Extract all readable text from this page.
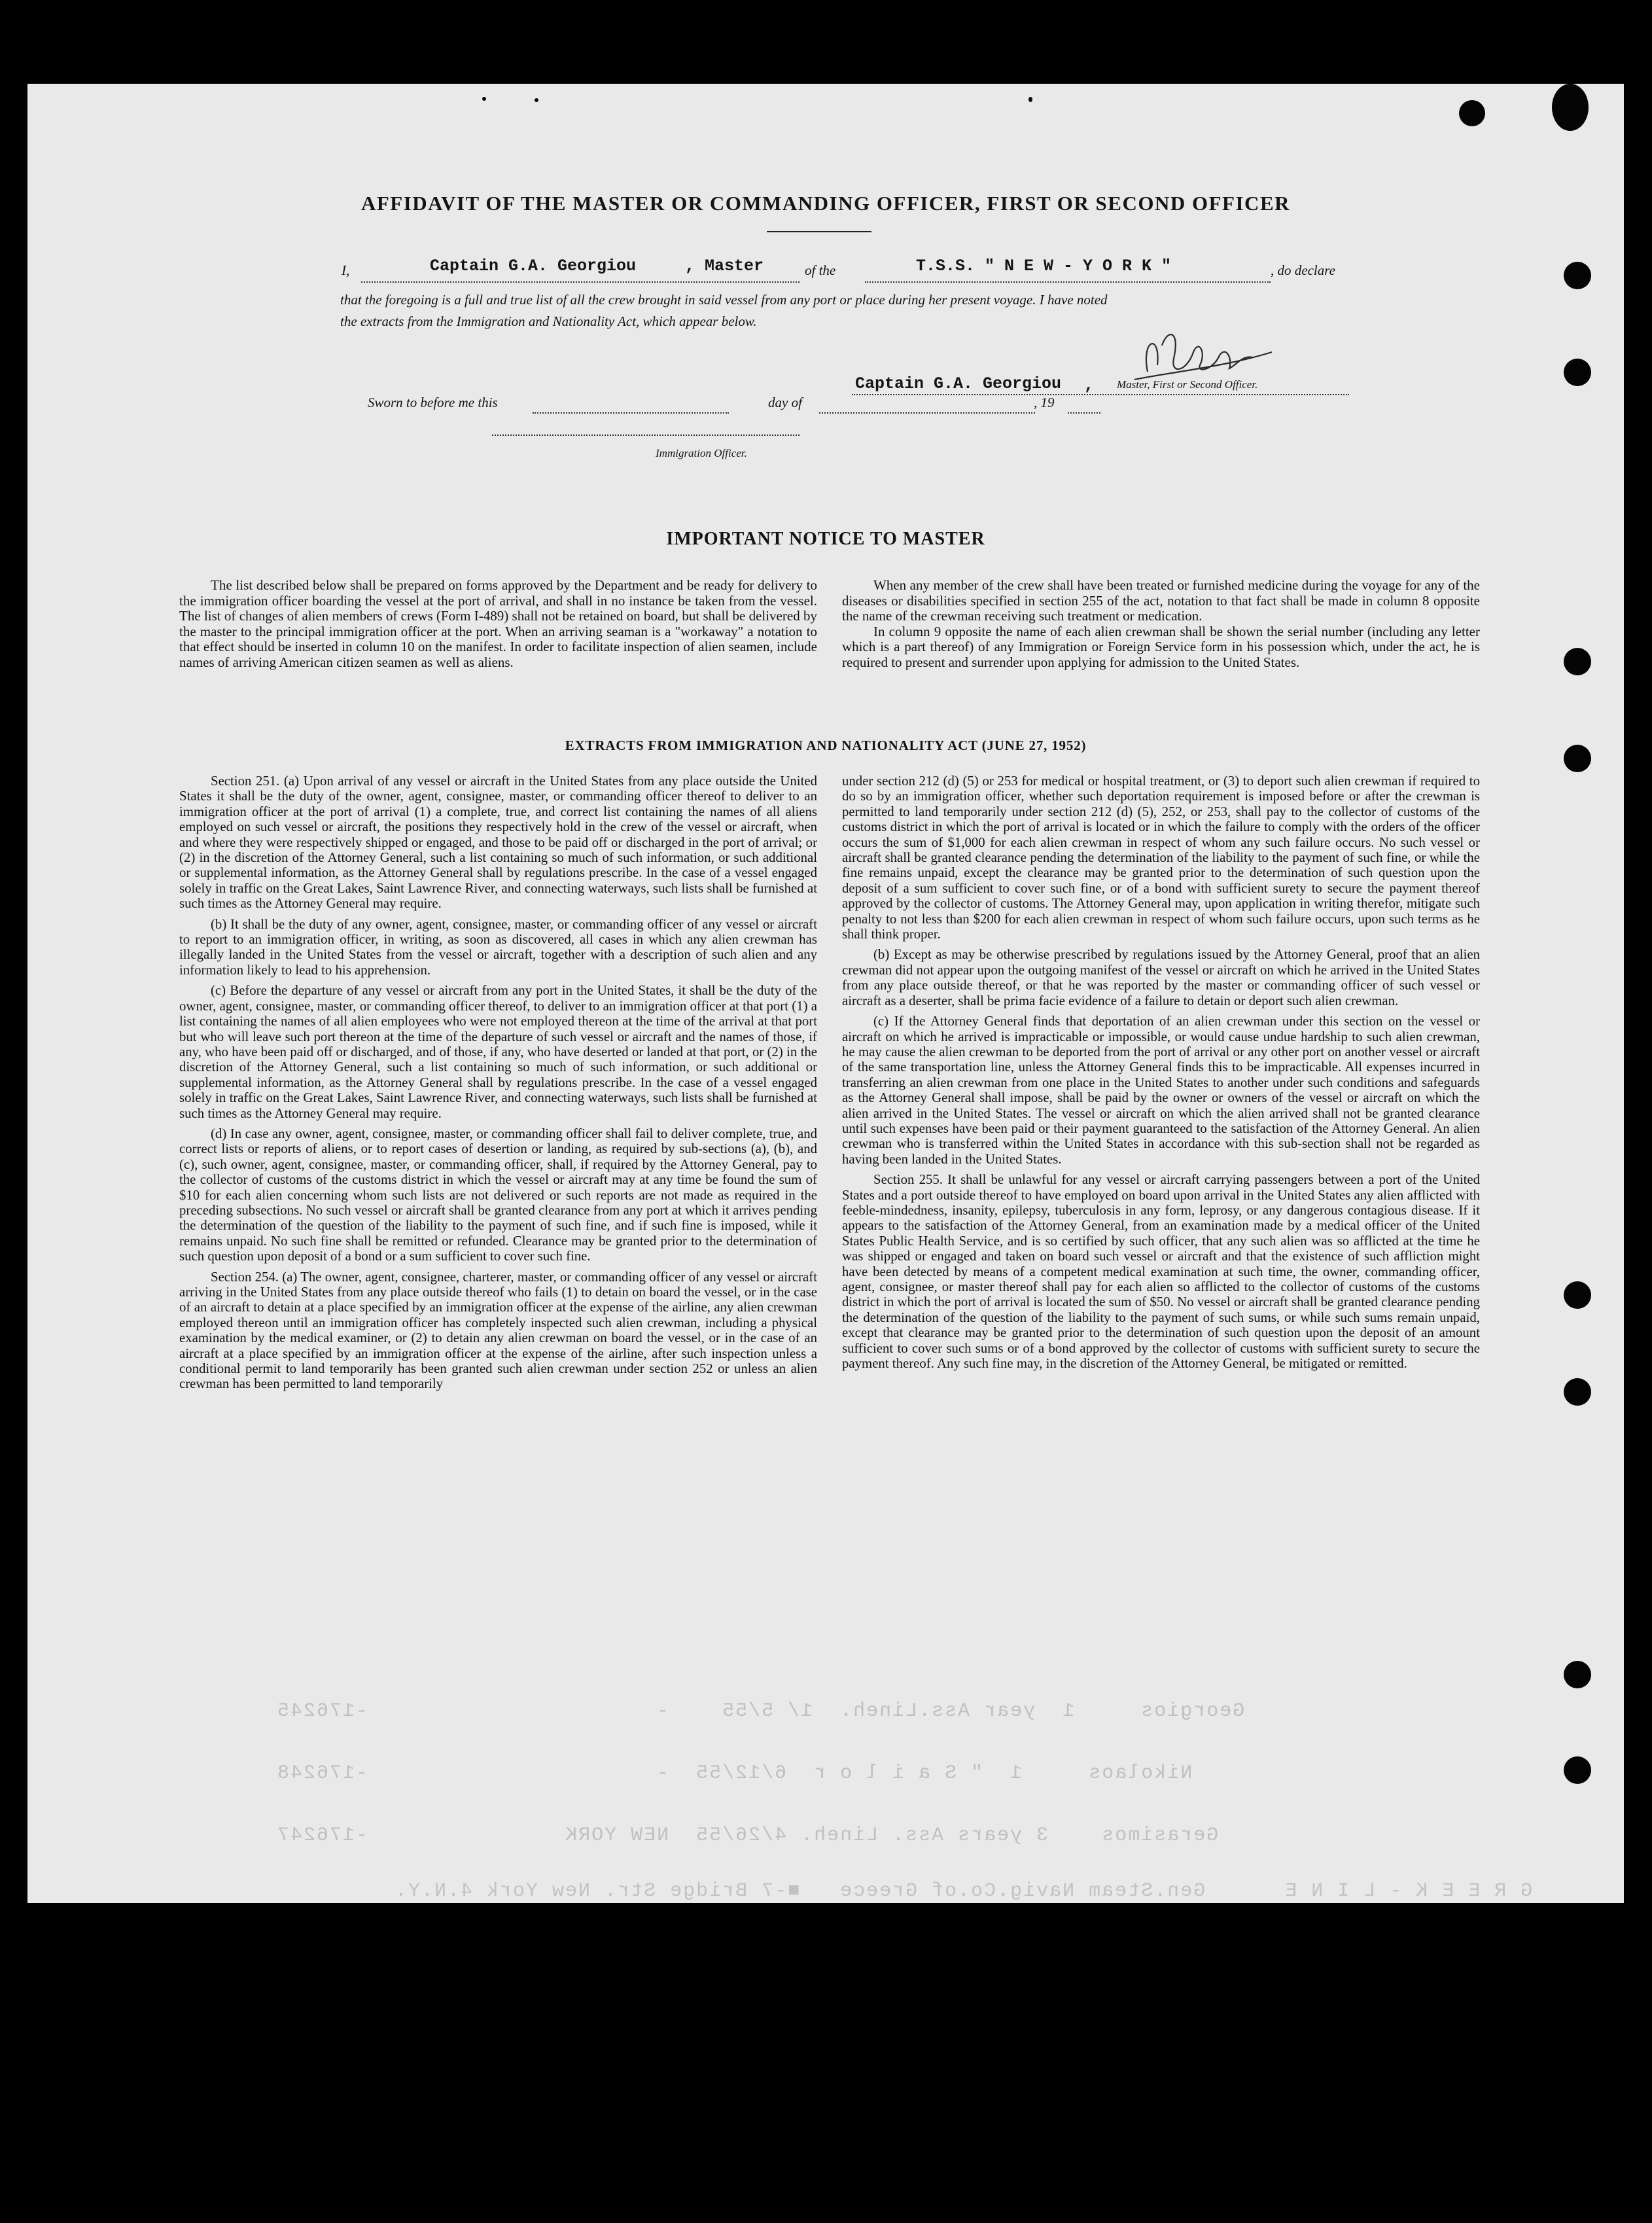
Georgios     1  year Ass.Lineh.  1/ 5/55    -                      -176245
Nikolaos     1  " S a i l o r  6/12/55  -                      -176248
Gerasimos    3 years Ass. Lineh. 4/26/55  NEW YORK               -176247
G R E E K - L I N E      Gen.Steam Navig.Co.of Greece   ■-7 Bridge Str. New York 4.N.Y.
AFFIDAVIT OF THE MASTER OR COMMANDING OFFICER, FIRST OR SECOND OFFICER
I,	Captain G.A. Georgiou	, Master	of the	T.S.S. " N E W - Y O R K "	, do declare
that the foregoing is a full and true list of all the crew brought in said vessel from any port or place during her present voyage. I have noted
the extracts from the Immigration and Nationality Act, which appear below.
Sworn to before me this	day of	, 19
Captain G.A. Georgiou , Master, First or Second Officer.
Immigration Officer.
IMPORTANT NOTICE TO MASTER

The list described below shall be prepared on forms approved by the Department and be ready for delivery to the immigration officer boarding the vessel at the port of arrival, and shall in no instance be taken from the vessel. The list of changes of alien members of crews (Form I-489) shall not be retained on board, but shall be delivered by the master to the principal immigration officer at the port. When an arriving seaman is a "workaway" a notation to that effect should be inserted in column 10 on the manifest. In order to facilitate inspection of alien seamen, include names of arriving American citizen seamen as well as aliens.

When any member of the crew shall have been treated or furnished medicine during the voyage for any of the diseases or disabilities specified in section 255 of the act, notation to that fact shall be made in column 8 opposite the name of the crewman receiving such treatment or medication.

In column 9 opposite the name of each alien crewman shall be shown the serial number (including any letter which is a part thereof) of any Immigration or Foreign Service form in his possession which, under the act, he is required to present and surrender upon applying for admission to the United States.

EXTRACTS FROM IMMIGRATION AND NATIONALITY ACT (JUNE 27, 1952)

Section 251. (a) Upon arrival of any vessel or aircraft in the United States from any place outside the United States it shall be the duty of the owner, agent, consignee, master, or commanding officer thereof to deliver to an immigration officer at the port of arrival (1) a complete, true, and correct list containing the names of all aliens employed on such vessel or aircraft, the positions they respectively hold in the crew of the vessel or aircraft, when and where they were respectively shipped or engaged, and those to be paid off or discharged in the port of arrival; or (2) in the discretion of the Attorney General, such a list containing so much of such information, or such additional or supplemental information, as the Attorney General shall by regulations prescribe. In the case of a vessel engaged solely in traffic on the Great Lakes, Saint Lawrence River, and connecting waterways, such lists shall be furnished at such times as the Attorney General may require.

(b) It shall be the duty of any owner, agent, consignee, master, or commanding officer of any vessel or aircraft to report to an immigration officer, in writing, as soon as discovered, all cases in which any alien crewman has illegally landed in the United States from the vessel or aircraft, together with a description of such alien and any information likely to lead to his apprehension.

(c) Before the departure of any vessel or aircraft from any port in the United States, it shall be the duty of the owner, agent, consignee, master, or commanding officer thereof, to deliver to an immigration officer at that port (1) a list containing the names of all alien employees who were not employed thereon at the time of the arrival at that port but who will leave such port thereon at the time of the departure of such vessel or aircraft and the names of those, if any, who have been paid off or discharged, and of those, if any, who have deserted or landed at that port, or (2) in the discretion of the Attorney General, such a list containing so much of such information, or such additional or supplemental information, as the Attorney General shall by regulations prescribe. In the case of a vessel engaged solely in traffic on the Great Lakes, Saint Lawrence River, and connecting waterways, such lists shall be furnished at such times as the Attorney General may require.

(d) In case any owner, agent, consignee, master, or commanding officer shall fail to deliver complete, true, and correct lists or reports of aliens, or to report cases of desertion or landing, as required by sub-sections (a), (b), and (c), such owner, agent, consignee, master, or commanding officer, shall, if required by the Attorney General, pay to the collector of customs of the customs district in which the vessel or aircraft may at any time be found the sum of $10 for each alien concerning whom such lists are not delivered or such reports are not made as required in the preceding subsections. No such vessel or aircraft shall be granted clearance from any port at which it arrives pending the determination of the question of the liability to the payment of such fine, and if such fine is imposed, while it remains unpaid. No such fine shall be remitted or refunded. Clearance may be granted prior to the determination of such question upon deposit of a bond or a sum sufficient to cover such fine.

Section 254. (a) The owner, agent, consignee, charterer, master, or commanding officer of any vessel or aircraft arriving in the United States from any place outside thereof who fails (1) to detain on board the vessel, or in the case of an aircraft to detain at a place specified by an immigration officer at the expense of the airline, any alien crewman employed thereon until an immigration officer has completely inspected such alien crewman, including a physical examination by the medical examiner, or (2) to detain any alien crewman on board the vessel, or in the case of an aircraft at a place specified by an immigration officer at the expense of the airline, after such inspection unless a conditional permit to land temporarily has been granted such alien crewman under section 252 or unless an alien crewman has been permitted to land temporarily

under section 212 (d) (5) or 253 for medical or hospital treatment, or (3) to deport such alien crewman if required to do so by an immigration officer, whether such deportation requirement is imposed before or after the crewman is permitted to land temporarily under section 212 (d) (5), 252, or 253, shall pay to the collector of customs of the customs district in which the port of arrival is located or in which the failure to comply with the orders of the officer occurs the sum of $1,000 for each alien crewman in respect of whom any such failure occurs. No such vessel or aircraft shall be granted clearance pending the determination of the liability to the payment of such fine, or while the fine remains unpaid, except the clearance may be granted prior to the determination of such question upon the deposit of a sum sufficient to cover such fine, or of a bond with sufficient surety to secure the payment thereof approved by the collector of customs. The Attorney General may, upon application in writing therefor, mitigate such penalty to not less than $200 for each alien crewman in respect of whom such failure occurs, upon such terms as he shall think proper.

(b) Except as may be otherwise prescribed by regulations issued by the Attorney General, proof that an alien crewman did not appear upon the outgoing manifest of the vessel or aircraft on which he arrived in the United States from any place outside thereof, or that he was reported by the master or commanding officer of such vessel or aircraft as a deserter, shall be prima facie evidence of a failure to detain or deport such alien crewman.

(c) If the Attorney General finds that deportation of an alien crewman under this section on the vessel or aircraft on which he arrived is impracticable or impossible, or would cause undue hardship to such alien crewman, he may cause the alien crewman to be deported from the port of arrival or any other port on another vessel or aircraft of the same transportation line, unless the Attorney General finds this to be impracticable. All expenses incurred in transferring an alien crewman from one place in the United States to another under such conditions and safeguards as the Attorney General shall impose, shall be paid by the owner or owners of the vessel or aircraft on which the alien arrived in the United States. The vessel or aircraft on which the alien arrived shall not be granted clearance until such expenses have been paid or their payment guaranteed to the satisfaction of the Attorney General. An alien crewman who is transferred within the United States in accordance with this sub-section shall not be regarded as having been landed in the United States.

Section 255. It shall be unlawful for any vessel or aircraft carrying passengers between a port of the United States and a port outside thereof to have employed on board upon arrival in the United States any alien afflicted with feeble-mindedness, insanity, epilepsy, tuberculosis in any form, leprosy, or any dangerous contagious disease. If it appears to the satisfaction of the Attorney General, from an examination made by a medical officer of the United States Public Health Service, and is so certified by such officer, that any such alien was so afflicted at the time he was shipped or engaged and taken on board such vessel or aircraft and that the existence of such affliction might have been detected by means of a competent medical examination at such time, the owner, commanding officer, agent, consignee, or master thereof shall pay for each alien so afflicted to the collector of customs of the customs district in which the port of arrival is located the sum of $50. No vessel or aircraft shall be granted clearance pending the determination of the question of the liability to the payment of such sums, or while such sums remain unpaid, except that clearance may be granted prior to the determination of such question upon the deposit of an amount sufficient to cover such sums or of a bond approved by the collector of customs with sufficient surety to secure the payment thereof. Any such fine may, in the discretion of the Attorney General, be mitigated or remitted.
